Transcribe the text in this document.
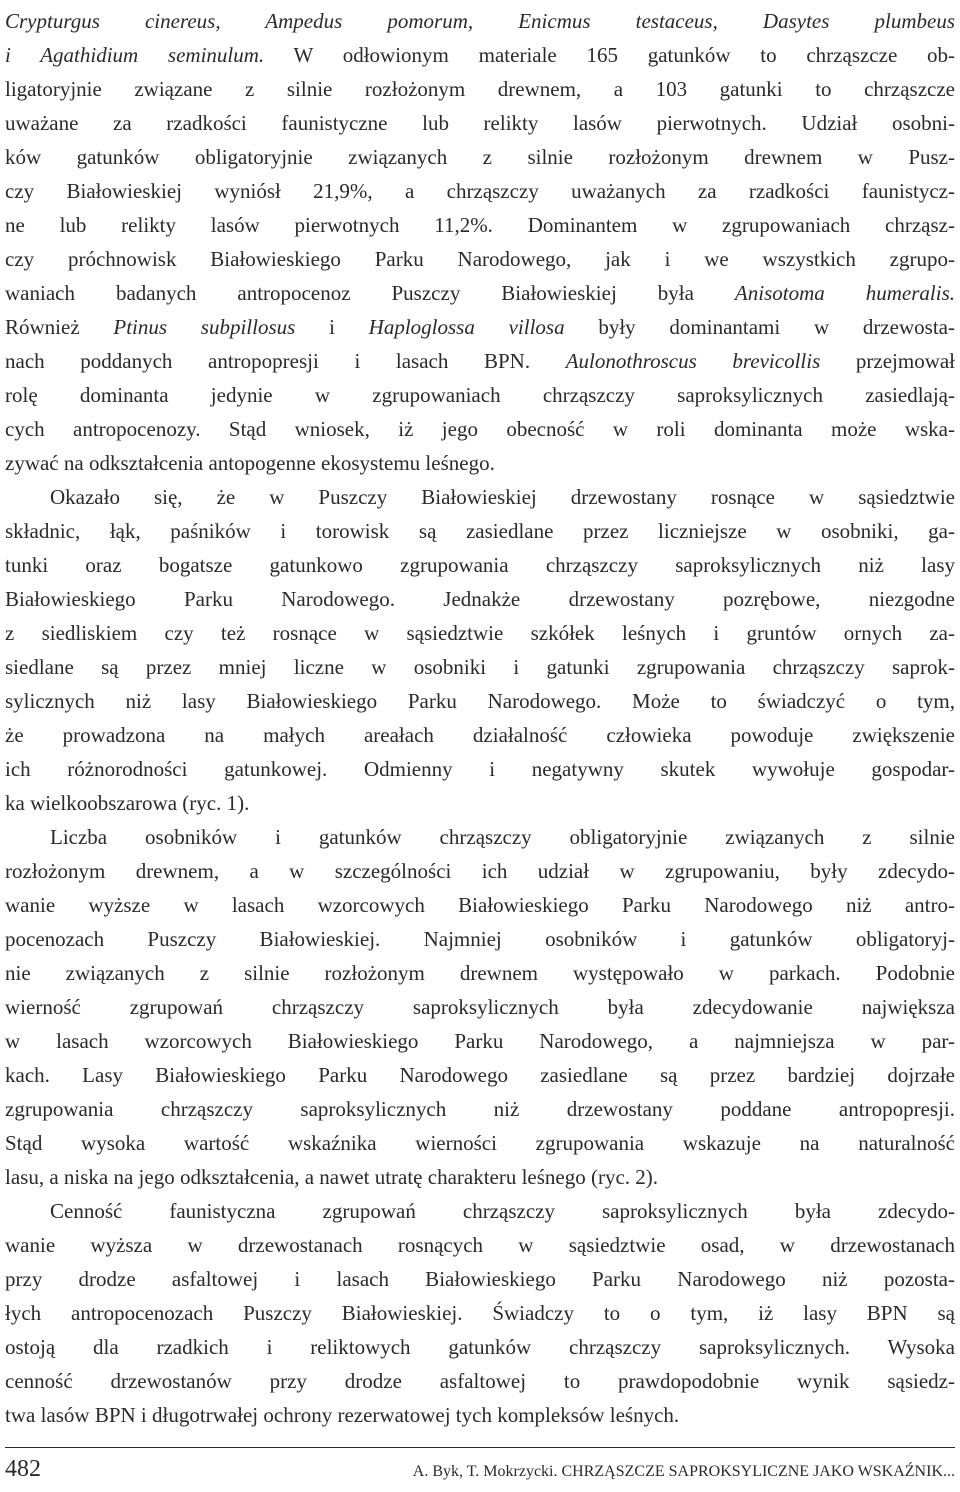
Crypturgus cinereus, Ampedus pomorum, Enicmus testaceus, Dasytes plumbeus
i Agathidium seminulum. W odłowionym materiale 165 gatunków to chrząszcze ob-
ligatoryjnie związane z silnie rozłożonym drewnem, a 103 gatunki to chrząszcze
uważane za rzadkości faunistyczne lub relikty lasów pierwotnych. Udział osobni-
ków gatunków obligatoryjnie związanych z silnie rozłożonym drewnem w Pusz-
czy Białowieskiej wyniósł 21,9%, a chrząszczy uważanych za rzadkości faunistycz-
ne lub relikty lasów pierwotnych 11,2%. Dominantem w zgrupowaniach chrząsz-
czy próchnowisk Białowieskiego Parku Narodowego, jak i we wszystkich zgrupo-
waniach badanych antropocenoz Puszczy Białowieskiej była Anisotoma humeralis.
Również Ptinus subpillosus i Haploglossa villosa były dominantami w drzewosta-
nach poddanych antropopresji i lasach BPN. Aulonothroscus brevicollis przejmował
rolę dominanta jedynie w zgrupowaniach chrząszczy saproksylicznych zasiedlają-
cych antropocenozy. Stąd wniosek, iż jego obecność w roli dominanta może wska-
zywać na odkształcenia antopogenne ekosystemu leśnego.
Okazało się, że w Puszczy Białowieskiej drzewostany rosnące w sąsiedztwie
składnic, łąk, paśników i torowisk są zasiedlane przez liczniejsze w osobniki, ga-
tunki oraz bogatsze gatunkowo zgrupowania chrząszczy saproksylicznych niż lasy
Białowieskiego Parku Narodowego. Jednakże drzewostany pozrębowe, niezgodne
z siedliskiem czy też rosnące w sąsiedztwie szkółek leśnych i gruntów ornych za-
siedlane są przez mniej liczne w osobniki i gatunki zgrupowania chrząszczy saprok-
sylicznych niż lasy Białowieskiego Parku Narodowego. Może to świadczyć o tym,
że prowadzona na małych areałach działalność człowieka powoduje zwiększenie
ich różnorodności gatunkowej. Odmienny i negatywny skutek wywołuje gospodar-
ka wielkoobszarowa (ryc. 1).
Liczba osobników i gatunków chrząszczy obligatoryjnie związanych z silnie
rozłożonym drewnem, a w szczególności ich udział w zgrupowaniu, były zdecydo-
wanie wyższe w lasach wzorcowych Białowieskiego Parku Narodowego niż antro-
pocenozach Puszczy Białowieskiej. Najmniej osobników i gatunków obligatoryj-
nie związanych z silnie rozłożonym drewnem występowało w parkach. Podobnie
wierność zgrupowań chrząszczy saproksylicznych była zdecydowanie największa
w lasach wzorcowych Białowieskiego Parku Narodowego, a najmniejsza w par-
kach. Lasy Białowieskiego Parku Narodowego zasiedlane są przez bardziej dojrzałe
zgrupowania chrząszczy saproksylicznych niż drzewostany poddane antropopresji.
Stąd wysoka wartość wskaźnika wierności zgrupowania wskazuje na naturalność
lasu, a niska na jego odkształcenia, a nawet utratę charakteru leśnego (ryc. 2).
Cenność faunistyczna zgrupowań chrząszczy saproksylicznych była zdecydo-
wanie wyższa w drzewostanach rosnących w sąsiedztwie osad, w drzewostanach
przy drodze asfaltowej i lasach Białowieskiego Parku Narodowego niż pozosta-
łych antropocenozach Puszczy Białowieskiej. Świadczy to o tym, iż lasy BPN są
ostoją dla rzadkich i reliktowych gatunków chrząszczy saproksylicznych. Wysoka
cenność drzewostanów przy drodze asfaltowej to prawdopodobnie wynik sąsiedz-
twa lasów BPN i długotrwałej ochrony rezerwatowej tych kompleksów leśnych.
482	A. Byk, T. Mokrzycki. CHRZĄSZCZE SAPROKSYLICZNE JAKO WSKAŹNIK...
